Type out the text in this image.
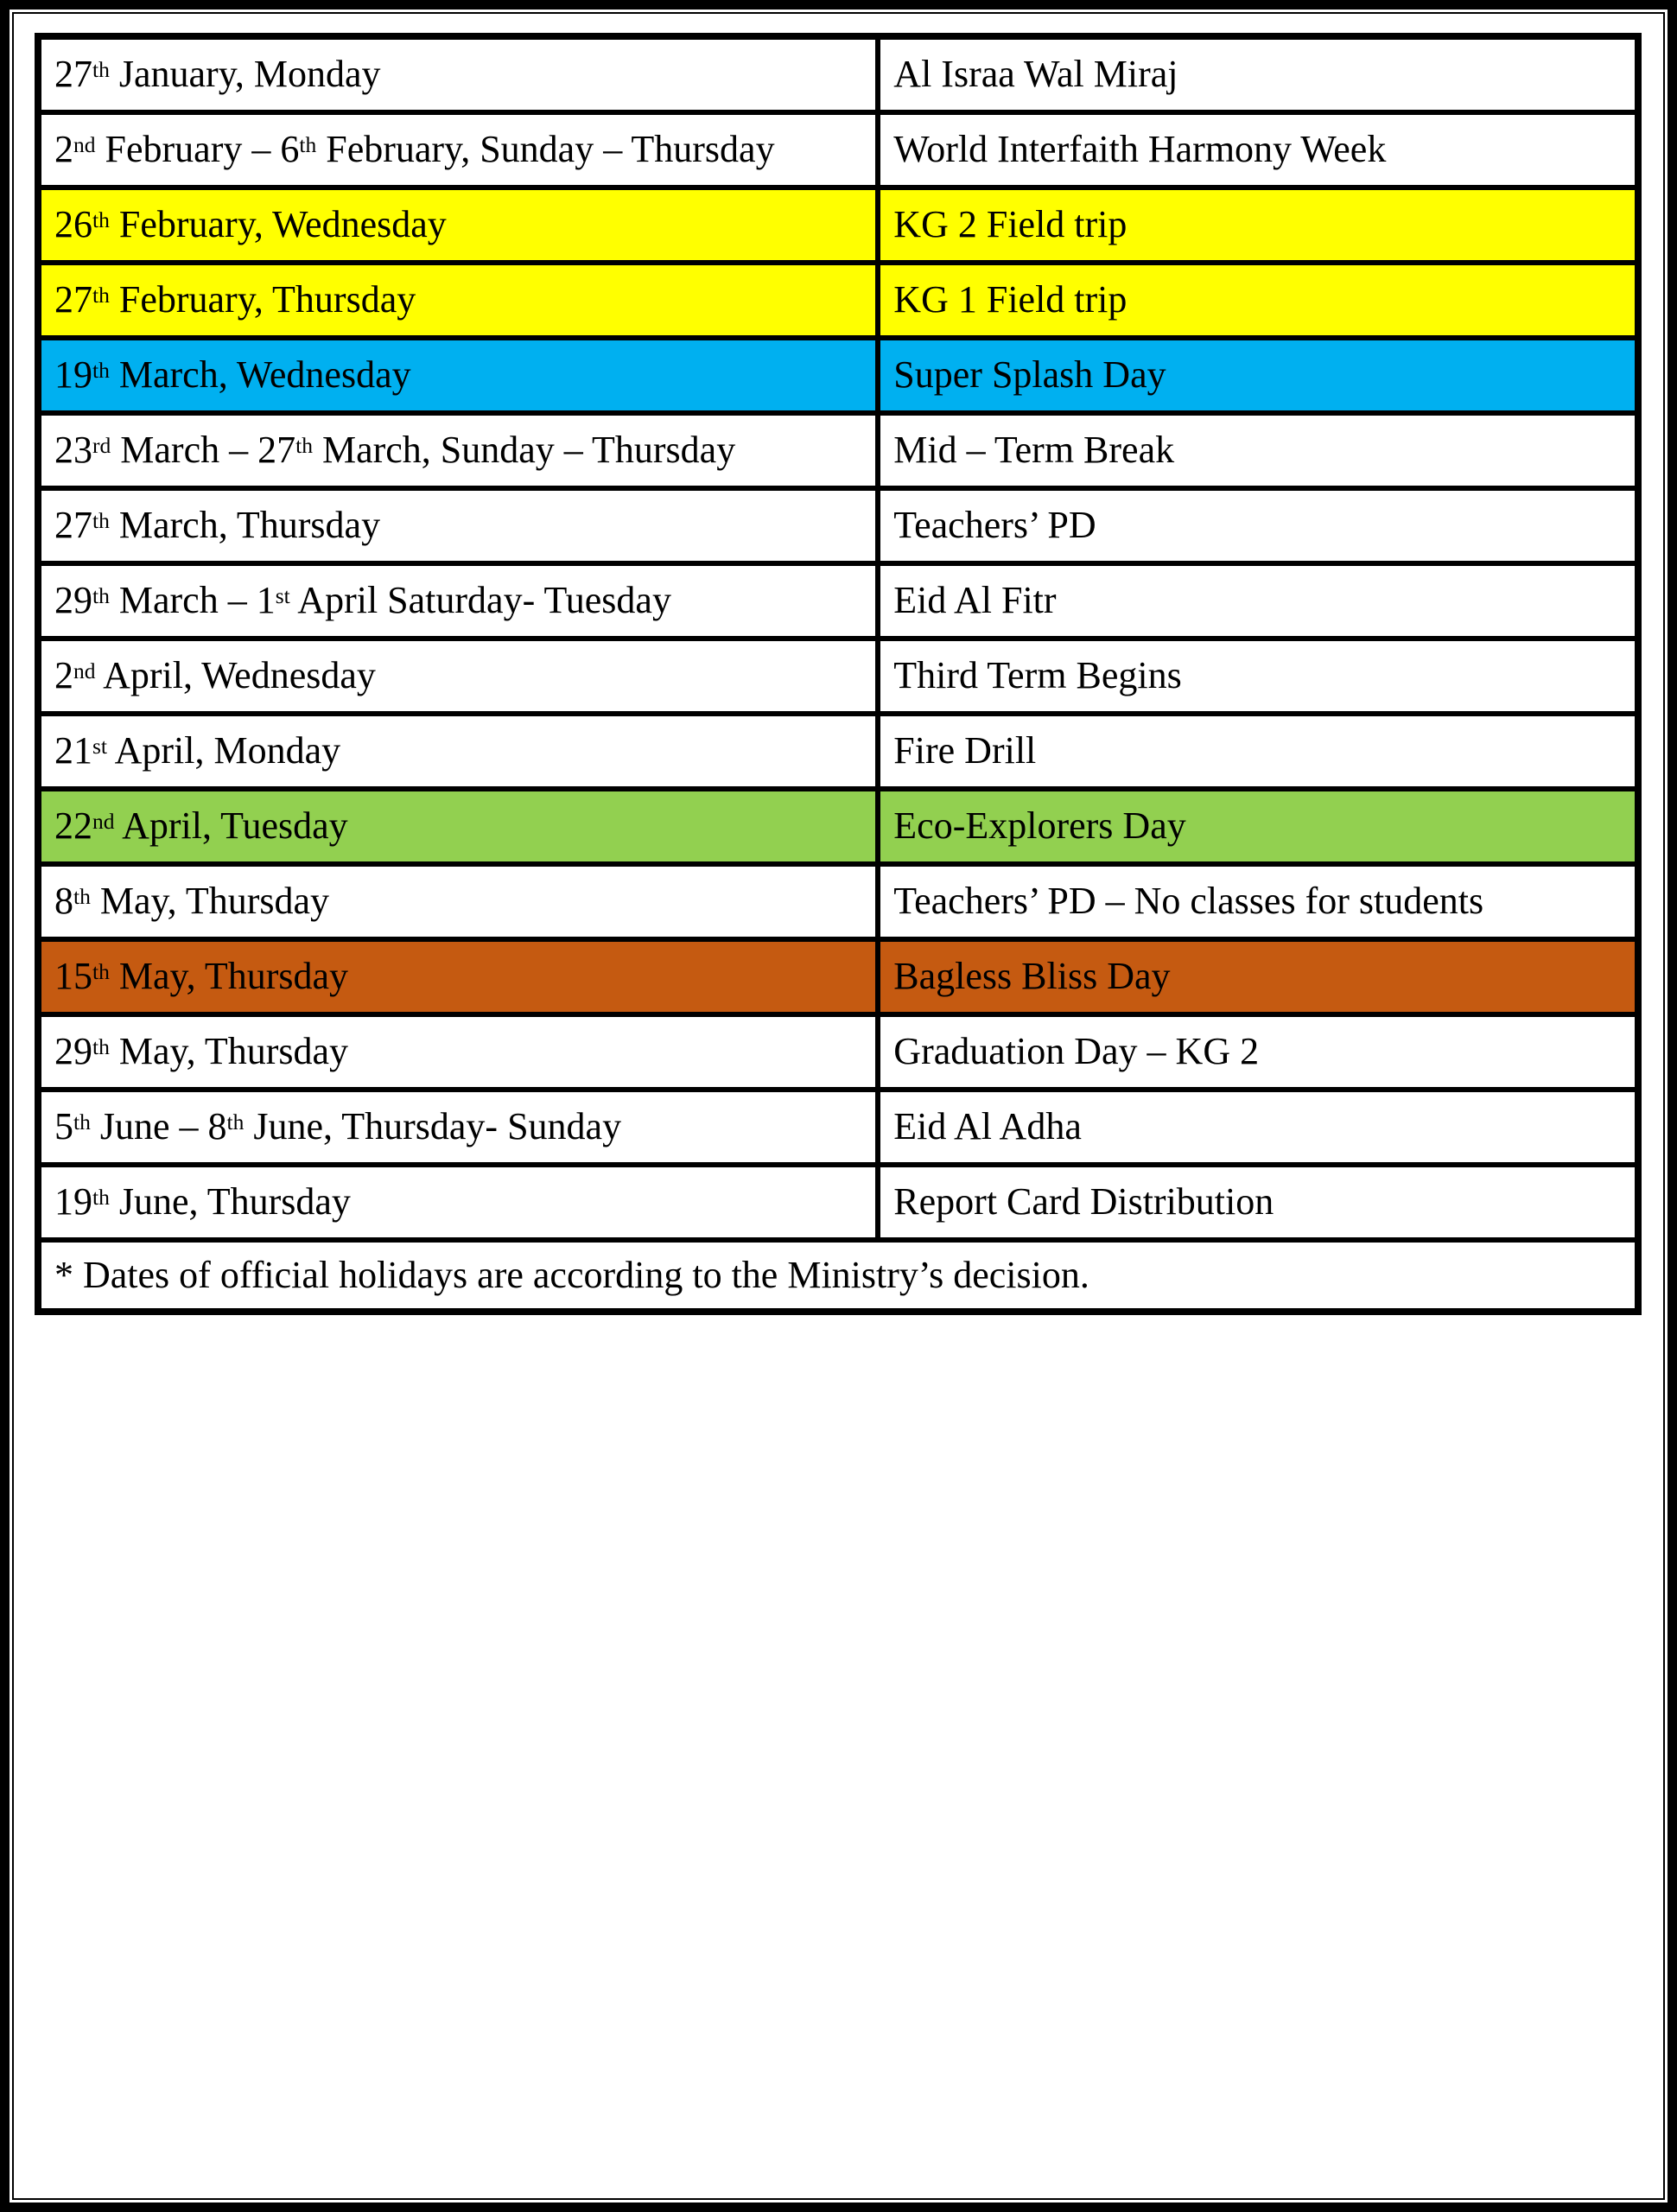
27th January, Monday	Al Israa Wal Miraj
2nd February – 6th February, Sunday – Thursday	World Interfaith Harmony Week
26th February, Wednesday	KG 2 Field trip
27th February, Thursday	KG 1 Field trip
19th March, Wednesday	Super Splash Day
23rd March – 27th March, Sunday – Thursday	Mid – Term Break
27th March, Thursday	Teachers’ PD
29th March – 1st April Saturday- Tuesday	Eid Al Fitr
2nd April, Wednesday	Third Term Begins
21st April, Monday	Fire Drill
22nd April, Tuesday	Eco-Explorers Day
8th May, Thursday	Teachers’ PD – No classes for students
15th May, Thursday	Bagless Bliss Day
29th May, Thursday	Graduation Day – KG 2
5th June – 8th June, Thursday- Sunday	Eid Al Adha
19th June, Thursday	Report Card Distribution
* Dates of official holidays are according to the Ministry’s decision.	
